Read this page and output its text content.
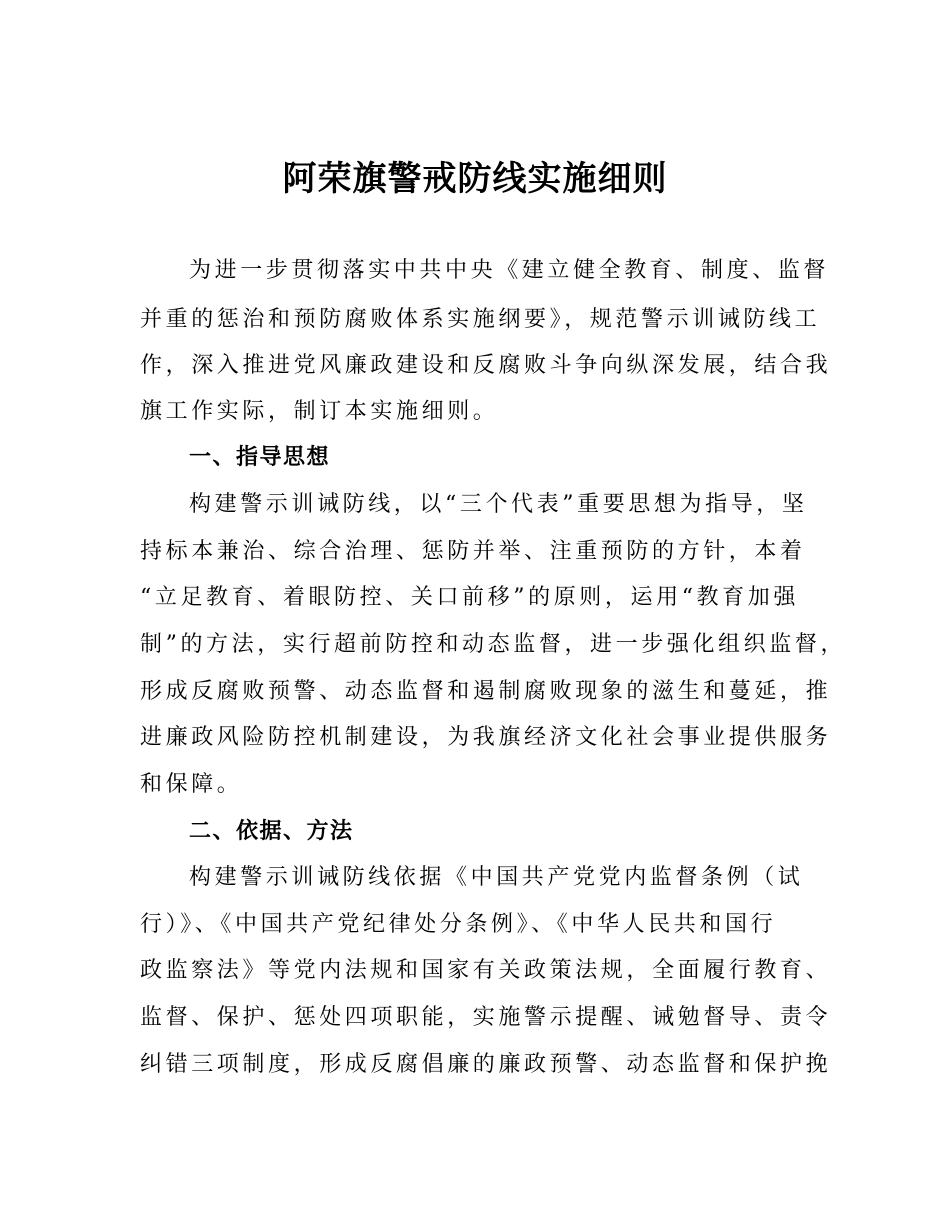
阿荣旗警戒防线实施细则
为进一步贯彻落实中共中央《建立健全教育、制度、监督
并重的惩治和预防腐败体系实施纲要》，规范警示训诫防线工
作，深入推进党风廉政建设和反腐败斗争向纵深发展，结合我
旗工作实际，制订本实施细则。
一、指导思想
构建警示训诫防线，以“三个代表”重要思想为指导，坚
持标本兼治、综合治理、惩防并举、注重预防的方针，本着
“立足教育、着眼防控、关口前移”的原则，运用“教育加强
制”的方法，实行超前防控和动态监督，进一步强化组织监督，
形成反腐败预警、动态监督和遏制腐败现象的滋生和蔓延，推
进廉政风险防控机制建设，为我旗经济文化社会事业提供服务
和保障。
二、依据、方法
构建警示训诫防线依据《中国共产党党内监督条例（试
行）》、《中国共产党纪律处分条例》、《中华人民共和国行
政监察法》等党内法规和国家有关政策法规，全面履行教育、
监督、保护、惩处四项职能，实施警示提醒、诫勉督导、责令
纠错三项制度，形成反腐倡廉的廉政预警、动态监督和保护挽
